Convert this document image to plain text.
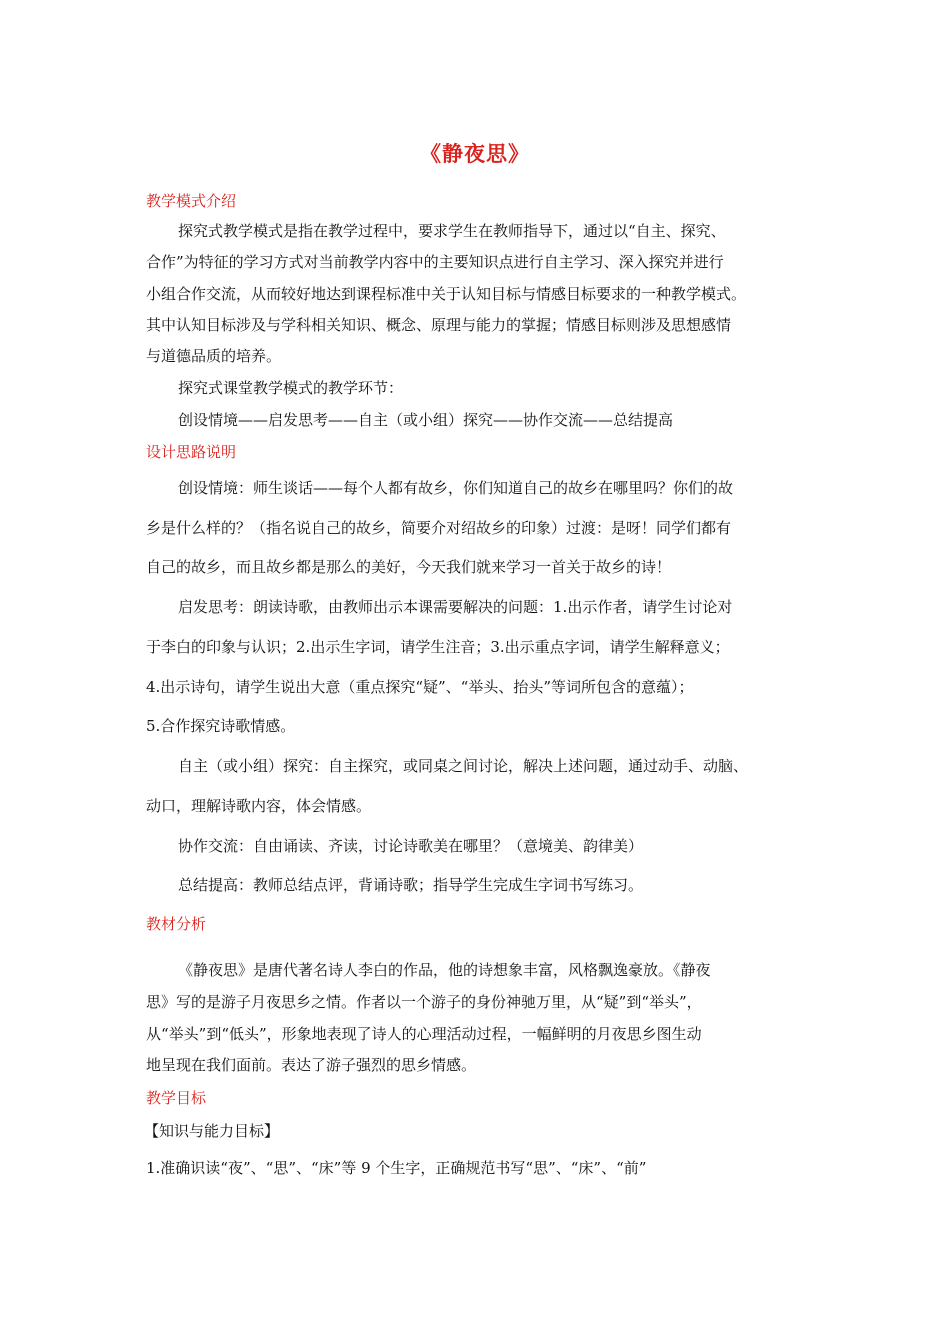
《静夜思》
教学模式介绍
探究式教学模式是指在教学过程中，要求学生在教师指导下，通过以“自主、探究、
合作”为特征的学习方式对当前教学内容中的主要知识点进行自主学习、深入探究并进行
小组合作交流，从而较好地达到课程标准中关于认知目标与情感目标要求的一种教学模式。
其中认知目标涉及与学科相关知识、概念、原理与能力的掌握；情感目标则涉及思想感情
与道德品质的培养。
探究式课堂教学模式的教学环节：
创设情境——启发思考——自主（或小组）探究——协作交流——总结提高
设计思路说明
创设情境：师生谈话——每个人都有故乡，你们知道自己的故乡在哪里吗？你们的故
乡是什么样的？（指名说自己的故乡，简要介对绍故乡的印象）过渡：是呀！同学们都有
自己的故乡，而且故乡都是那么的美好，今天我们就来学习一首关于故乡的诗！
启发思考：朗读诗歌，由教师出示本课需要解决的问题：1.出示作者，请学生讨论对
于李白的印象与认识；2.出示生字词，请学生注音；3.出示重点字词，请学生解释意义；
4.出示诗句，请学生说出大意（重点探究“疑”、“举头、抬头”等词所包含的意蕴）；
5.合作探究诗歌情感。
自主（或小组）探究：自主探究，或同桌之间讨论，解决上述问题，通过动手、动脑、
动口，理解诗歌内容，体会情感。
协作交流：自由诵读、齐读，讨论诗歌美在哪里？（意境美、韵律美）
总结提高：教师总结点评，背诵诗歌；指导学生完成生字词书写练习。
教材分析
《静夜思》是唐代著名诗人李白的作品，他的诗想象丰富，风格飘逸豪放。《静夜
思》写的是游子月夜思乡之情。作者以一个游子的身份神驰万里，从“疑”到“举头”，
从“举头”到“低头”，形象地表现了诗人的心理活动过程，一幅鲜明的月夜思乡图生动
地呈现在我们面前。表达了游子强烈的思乡情感。
教学目标
【知识与能力目标】
1.准确识读“夜”、“思”、“床”等 9 个生字，正确规范书写“思”、“床”、“前”
